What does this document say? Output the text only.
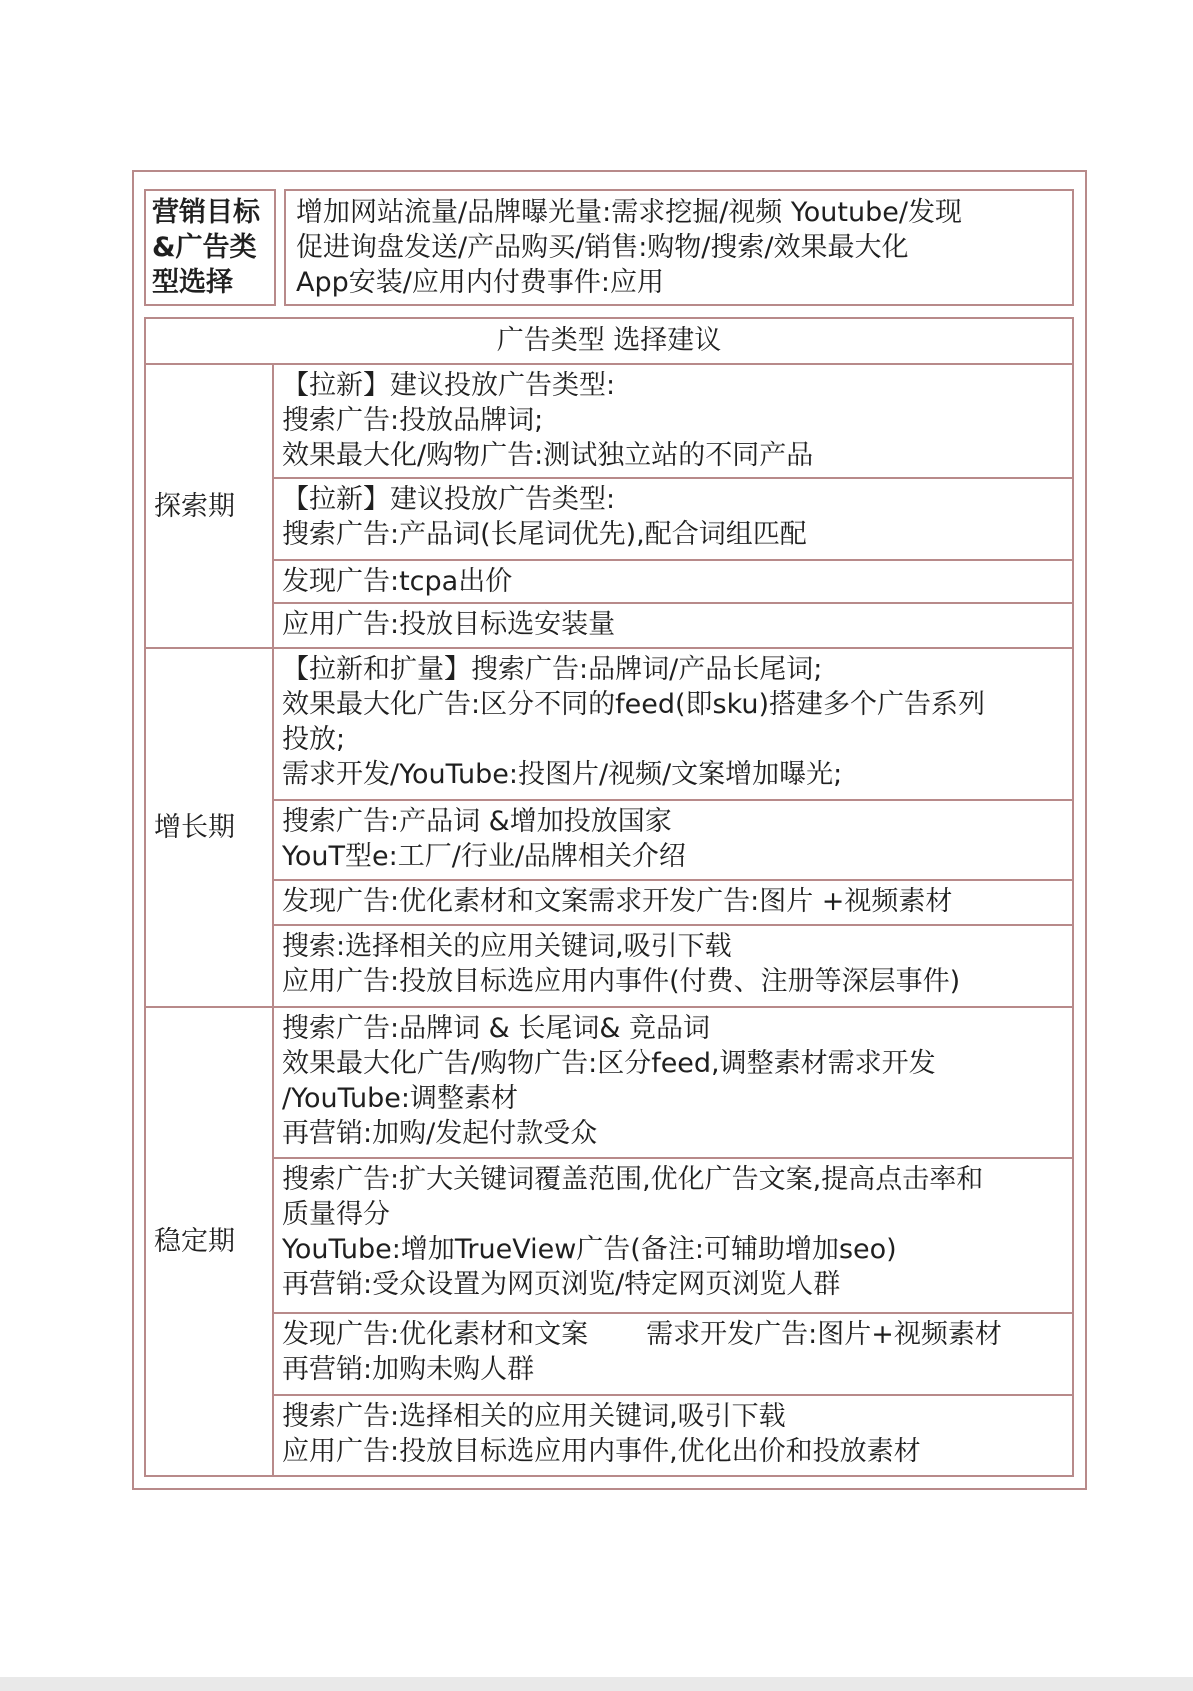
营销目标
&广告类
型选择

增加网站流量/品牌曝光量:需求挖掘/视频 Youtube/发现
促进询盘发送/产品购买/销售:购物/搜索/效果最大化
App安装/应用内付费事件:应用
广告类型 选择建议	
探索期	【拉新】建议投放广告类型:
搜索广告:投放品牌词;
效果最大化/购物广告:测试独立站的不同产品

	【拉新】建议投放广告类型:
搜索广告:产品词(长尾词优先),配合词组匹配

	发现广告:tcpa出价

	应用广告:投放目标选安装量

增长期	【拉新和扩量】搜索广告:品牌词/产品长尾词;
效果最大化广告:区分不同的feed(即sku)搭建多个广告系列
投放;
需求开发/YouTube:投图片/视频/文案增加曝光;

	搜索广告:产品词 &增加投放国家
YouT型e:工厂/行业/品牌相关介绍

	发现广告:优化素材和文案需求开发广告:图片 +视频素材

	搜索:选择相关的应用关键词,吸引下载
应用广告:投放目标选应用内事件(付费、注册等深层事件)

稳定期	搜索广告:品牌词 & 长尾词& 竞品词
效果最大化广告/购物广告:区分feed,调整素材需求开发
/YouTube:调整素材
再营销:加购/发起付款受众

	搜索广告:扩大关键词覆盖范围,优化广告文案,提高点击率和
质量得分
YouTube:增加TrueView广告(备注:可辅助增加seo)
再营销:受众设置为网页浏览/特定网页浏览人群

	发现广告:优化素材和文案 需求开发广告:图片+视频素材
再营销:加购未购人群

	搜索广告:选择相关的应用关键词,吸引下载
应用广告:投放目标选应用内事件,优化出价和投放素材
